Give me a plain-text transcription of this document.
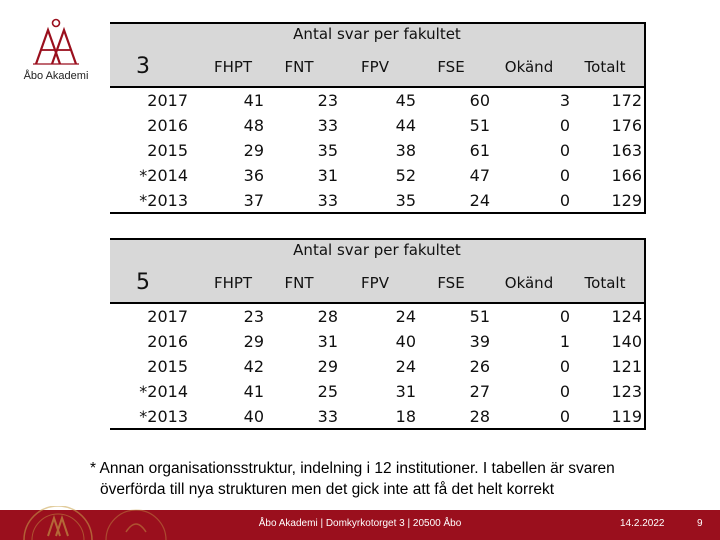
Åbo Akademi
Antal svar per fakultet
3	FHPT	FNT	FPV	FSE	Okänd	Totalt
2017	41	23	45	60	3	172
2016	48	33	44	51	0	176
2015	29	35	38	61	0	163
*2014	36	31	52	47	0	166
*2013	37	33	35	24	0	129
Antal svar per fakultet
5	FHPT	FNT	FPV	FSE	Okänd	Totalt
2017	23	28	24	51	0	124
2016	29	31	40	39	1	140
2015	42	29	24	26	0	121
*2014	41	25	31	27	0	123
*2013	40	33	18	28	0	119
* Annan organisationsstruktur, indelning i 12 institutioner. I tabellen är svaren
överförda till nya strukturen men det gick inte att få det helt korrekt
Åbo Akademi | Domkyrkotorget 3 | 20500 Åbo	14.2.2022	9
